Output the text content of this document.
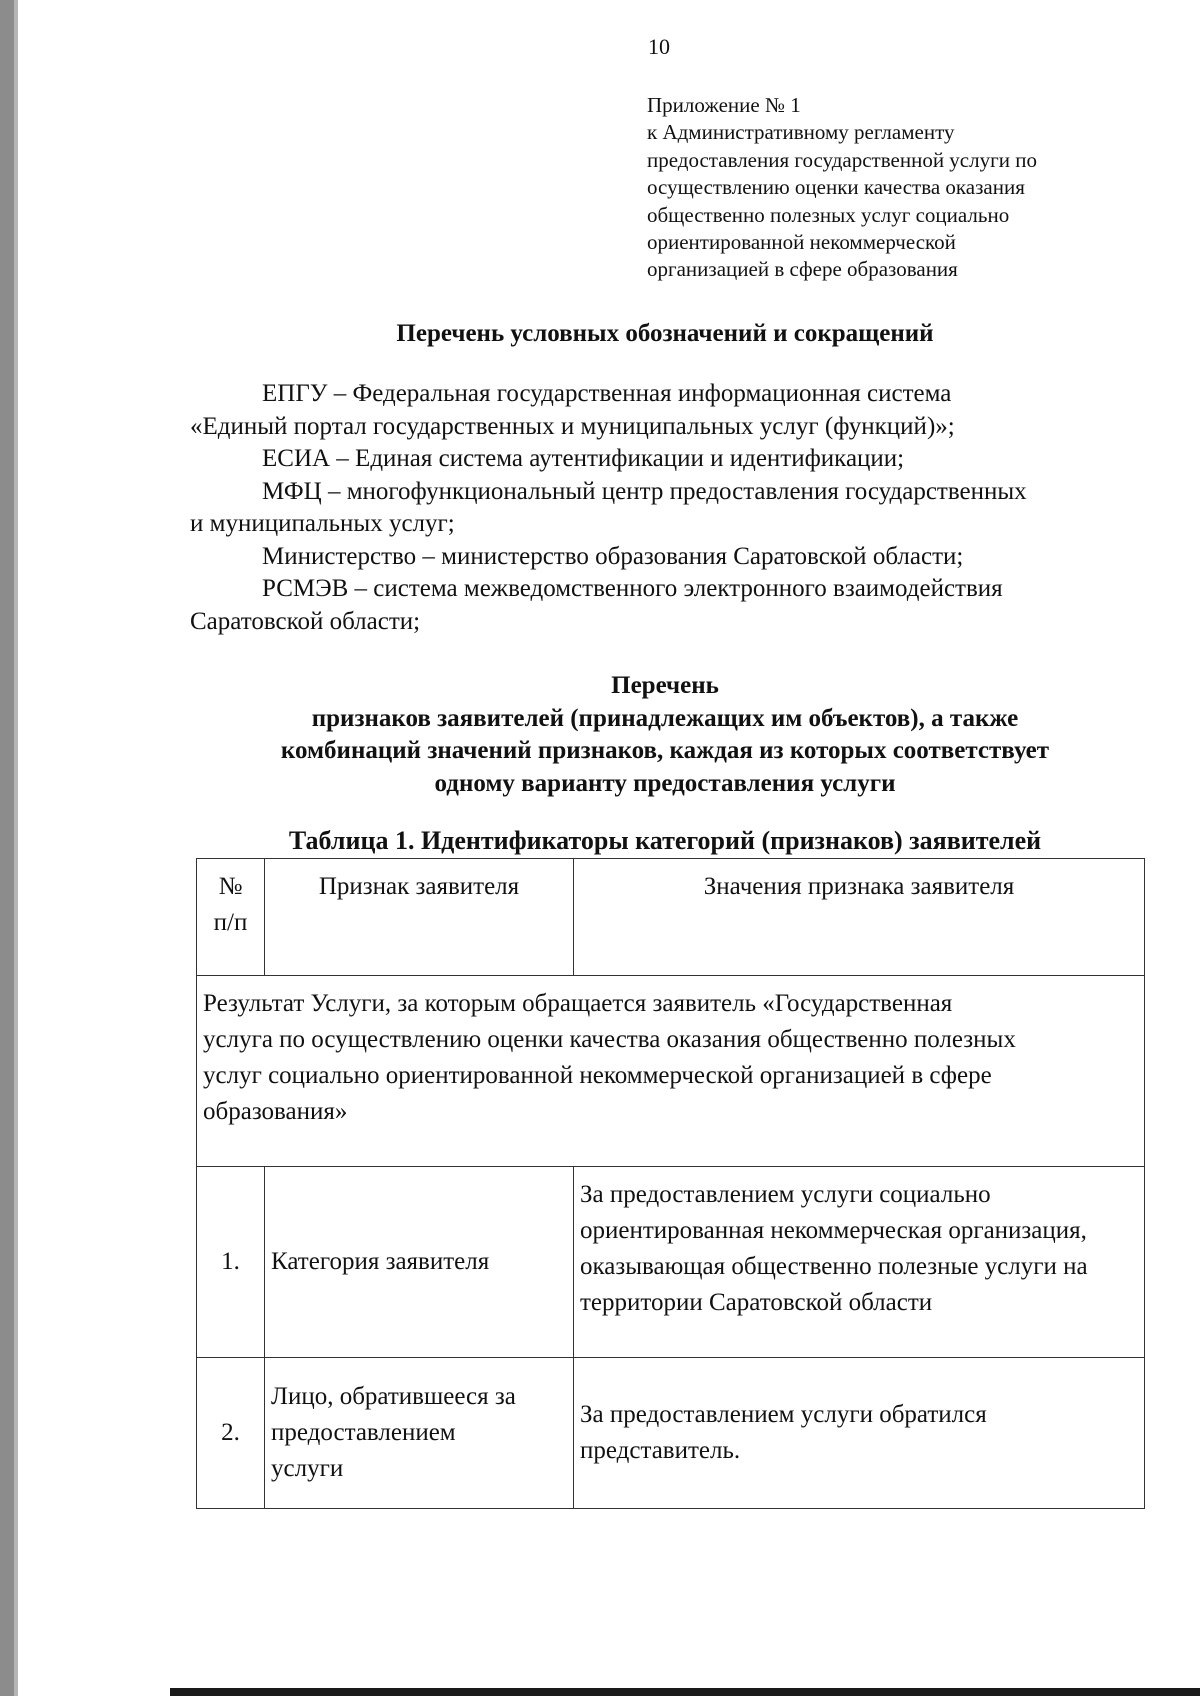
10
Приложение № 1
к Административному регламенту
предоставления государственной услуги по
осуществлению оценки качества оказания
общественно полезных услуг социально
ориентированной некоммерческой
организацией в сфере образования
Перечень условных обозначений и сокращений
ЕПГУ – Федеральная государственная информационная система
«Единый портал государственных и муниципальных услуг (функций)»;
ЕСИА – Единая система аутентификации и идентификации;
МФЦ – многофункциональный центр предоставления государственных
и муниципальных услуг;
Министерство – министерство образования Саратовской области;
РСМЭВ – система межведомственного электронного взаимодействия
Саратовской области;
Перечень
признаков заявителей (принадлежащих им объектов), а также
комбинаций значений признаков, каждая из которых соответствует
одному варианту предоставления услуги
Таблица 1. Идентификаторы категорий (признаков) заявителей
№
п/п	Признак заявителя	Значения признака заявителя

Результат Услуги, за которым обращается заявитель «Государственная
услуга по осуществлению оценки качества оказания общественно полезных
услуг социально ориентированной некоммерческой организацией в сфере
образования»		

1.	Категория заявителя	За предоставлением услуги социально
ориентированная некоммерческая организация,
оказывающая общественно полезные услуги на
территории Саратовской области

2.	Лицо, обратившееся за
предоставлением
услуги	За предоставлением услуги обратился
представитель.
